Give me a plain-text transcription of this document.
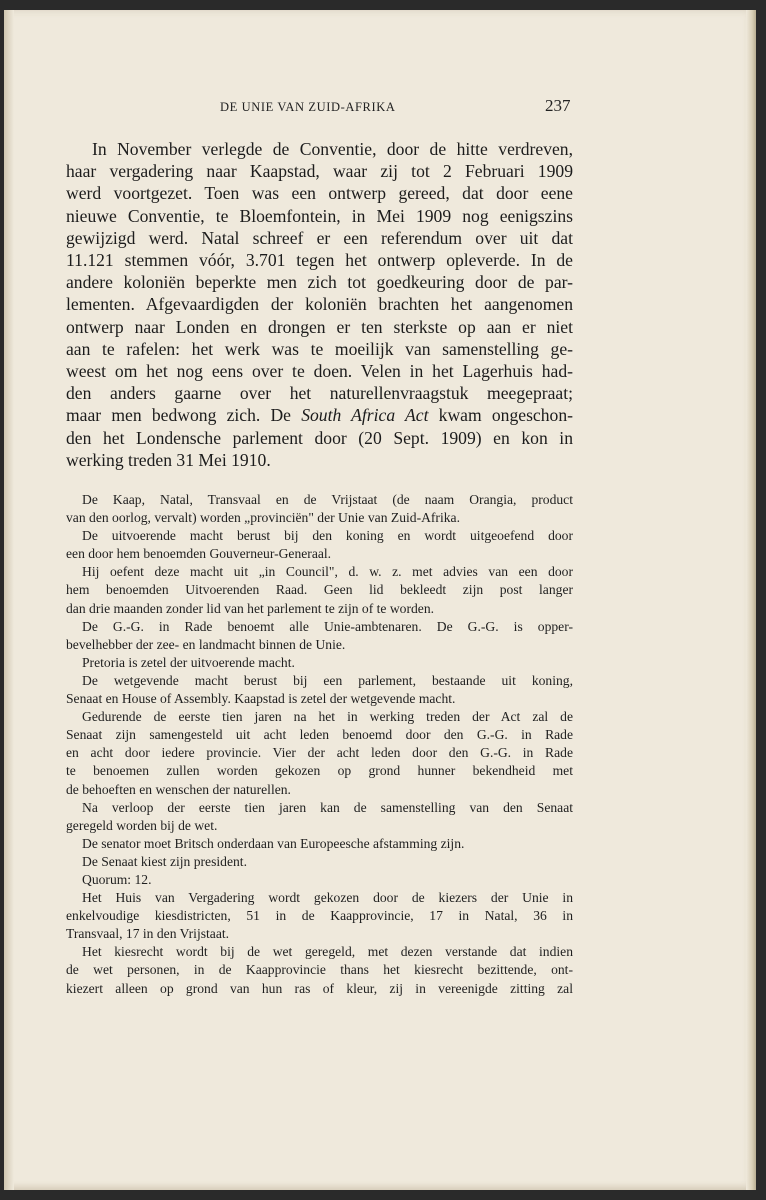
DE UNIE VAN ZUID-AFRIKA	237
In November verlegde de Conventie, door de hitte verdreven,
haar vergadering naar Kaapstad, waar zij tot 2 Februari 1909
werd voortgezet. Toen was een ontwerp gereed, dat door eene
nieuwe Conventie, te Bloemfontein, in Mei 1909 nog eenigszins
gewijzigd werd. Natal schreef er een referendum over uit dat
11.121 stemmen vóór, 3.701 tegen het ontwerp opleverde. In de
andere koloniën beperkte men zich tot goedkeuring door de par-
lementen. Afgevaardigden der koloniën brachten het aangenomen
ontwerp naar Londen en drongen er ten sterkste op aan er niet
aan te rafelen: het werk was te moeilijk van samenstelling ge-
weest om het nog eens over te doen. Velen in het Lagerhuis had-
den anders gaarne over het naturellenvraagstuk meegepraat;
maar men bedwong zich. De South Africa Act kwam ongeschon-
den het Londensche parlement door (20 Sept. 1909) en kon in
werking treden 31 Mei 1910.
De Kaap, Natal, Transvaal en de Vrijstaat (de naam Orangia, product
van den oorlog, vervalt) worden „provinciën" der Unie van Zuid-Afrika.
De uitvoerende macht berust bij den koning en wordt uitgeoefend door
een door hem benoemden Gouverneur-Generaal.
Hij oefent deze macht uit „in Council", d. w. z. met advies van een door
hem benoemden Uitvoerenden Raad. Geen lid bekleedt zijn post langer
dan drie maanden zonder lid van het parlement te zijn of te worden.
De G.-G. in Rade benoemt alle Unie-ambtenaren. De G.-G. is opper-
bevelhebber der zee- en landmacht binnen de Unie.
Pretoria is zetel der uitvoerende macht.
De wetgevende macht berust bij een parlement, bestaande uit koning,
Senaat en House of Assembly. Kaapstad is zetel der wetgevende macht.
Gedurende de eerste tien jaren na het in werking treden der Act zal de
Senaat zijn samengesteld uit acht leden benoemd door den G.-G. in Rade
en acht door iedere provincie. Vier der acht leden door den G.-G. in Rade
te benoemen zullen worden gekozen op grond hunner bekendheid met
de behoeften en wenschen der naturellen.
Na verloop der eerste tien jaren kan de samenstelling van den Senaat
geregeld worden bij de wet.
De senator moet Britsch onderdaan van Europeesche afstamming zijn.
De Senaat kiest zijn president.
Quorum: 12.
Het Huis van Vergadering wordt gekozen door de kiezers der Unie in
enkelvoudige kiesdistricten, 51 in de Kaapprovincie, 17 in Natal, 36 in
Transvaal, 17 in den Vrijstaat.
Het kiesrecht wordt bij de wet geregeld, met dezen verstande dat indien
de wet personen, in de Kaapprovincie thans het kiesrecht bezittende, ont-
kiezert alleen op grond van hun ras of kleur, zij in vereenigde zitting zal
